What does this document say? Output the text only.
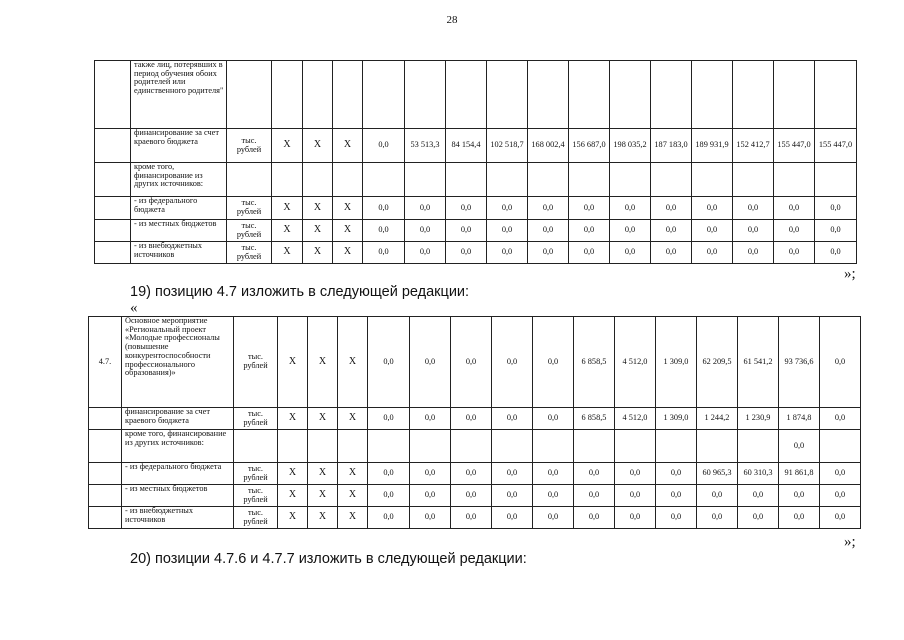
28
	также лиц, потерявших в период обучения обоих родителей или единственного родителя"																
	финансирование за счет краевого бюджета	тыс. рублей	Х	Х	Х	0,0	53 513,3	84 154,4	102 518,7	168 002,4	156 687,0	198 035,2	187 183,0	189 931,9	152 412,7	155 447,0	155 447,0
	кроме того, финансирование из других источников:																
	- из федерального бюджета	тыс. рублей	Х	Х	Х	0,0	0,0	0,0	0,0	0,0	0,0	0,0	0,0	0,0	0,0	0,0	0,0
	- из местных бюджетов	тыс. рублей	Х	Х	Х	0,0	0,0	0,0	0,0	0,0	0,0	0,0	0,0	0,0	0,0	0,0	0,0
	- из внебюджетных источников	тыс. рублей	Х	Х	Х	0,0	0,0	0,0	0,0	0,0	0,0	0,0	0,0	0,0	0,0	0,0	0,0
»;
19) позицию 4.7 изложить в следующей редакции:
«
4.7.	Основное мероприятие «Региональный проект «Молодые профессионалы (повышение конкурентоспособности профессионального образования)»	тыс. рублей	Х	Х	Х	0,0	0,0	0,0	0,0	0,0	6 858,5	4 512,0	1 309,0	62 209,5	61 541,2	93 736,6	0,0
	финансирование за счет краевого бюджета	тыс. рублей	Х	Х	Х	0,0	0,0	0,0	0,0	0,0	6 858,5	4 512,0	1 309,0	1 244,2	1 230,9	1 874,8	0,0
	кроме того, финансирование из других источников:															0,0	
	- из федерального бюджета	тыс. рублей	Х	Х	Х	0,0	0,0	0,0	0,0	0,0	0,0	0,0	0,0	60 965,3	60 310,3	91 861,8	0,0
	- из местных бюджетов	тыс. рублей	Х	Х	Х	0,0	0,0	0,0	0,0	0,0	0,0	0,0	0,0	0,0	0,0	0,0	0,0
	- из внебюджетных источников	тыс. рублей	Х	Х	Х	0,0	0,0	0,0	0,0	0,0	0,0	0,0	0,0	0,0	0,0	0,0	0,0
»;
20) позиции 4.7.6 и 4.7.7 изложить в следующей редакции:
